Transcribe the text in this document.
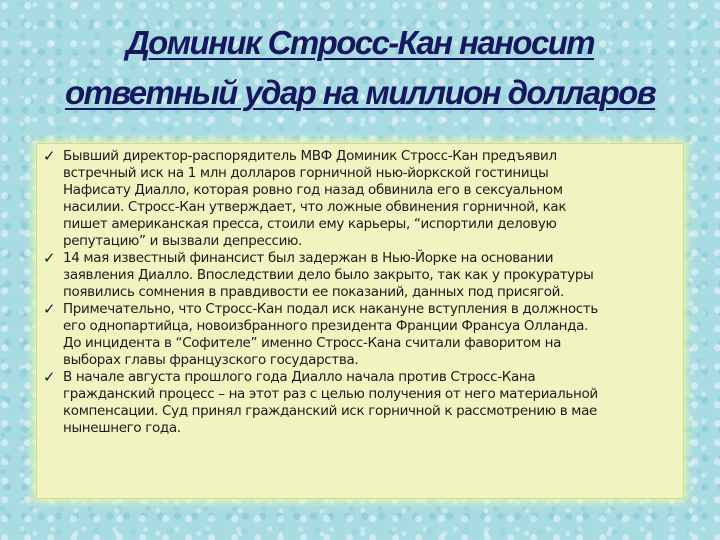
Доминик Стросс-Кан наносит
ответный удар на миллион долларов
✓ Бывший директор-распорядитель МВФ Доминик Стросс-Кан предъявил
встречный иск на 1 млн долларов горничной нью-йоркской гостиницы
Нафисату Диалло, которая ровно год назад обвинила его в сексуальном
насилии. Стросс-Кан утверждает, что ложные обвинения горничной, как
пишет американская пресса, стоили ему карьеры, “испортили деловую
репутацию” и вызвали депрессию.
✓ 14 мая известный финансист был задержан в Нью-Йорке на основании
заявления Диалло. Впоследствии дело было закрыто, так как у прокуратуры
появились сомнения в правдивости ее показаний, данных под присягой.
✓ Примечательно, что Стросс-Кан подал иск накануне вступления в должность
его однопартийца, новоизбранного президента Франции Франсуа Олланда.
До инцидента в “Софителе” именно Стросс-Кана считали фаворитом на
выборах главы французского государства.
✓ В начале августа прошлого года Диалло начала против Стросс-Кана
гражданский процесс – на этот раз с целью получения от него материальной
компенсации. Суд принял гражданский иск горничной к рассмотрению в мае
нынешнего года.
